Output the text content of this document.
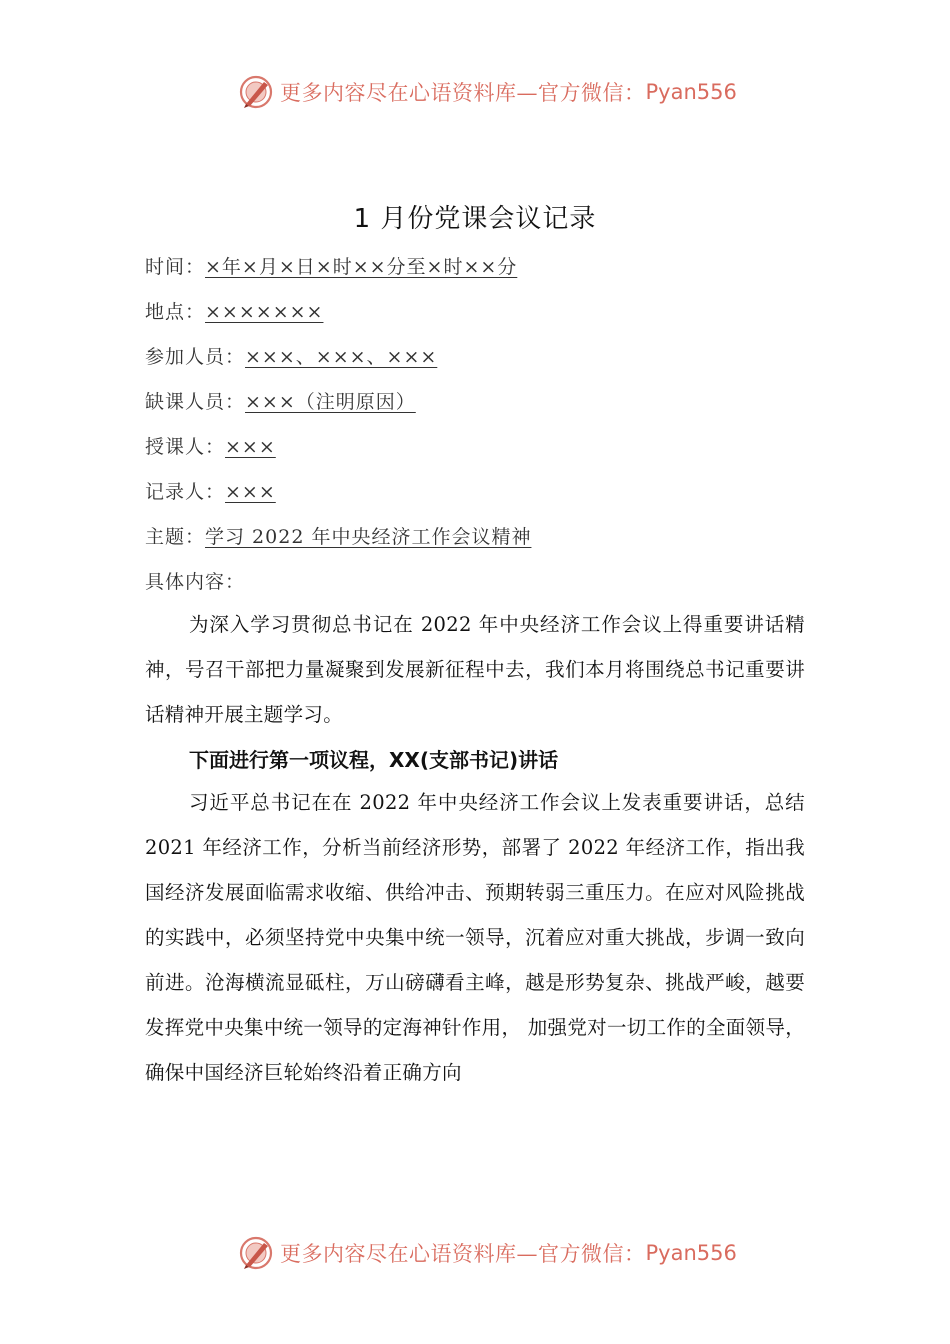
更多内容尽在心语资料库—官方微信： Pyan556
1 月份党课会议记录
时间：×年×月×日×时××分至×时××分
地点：×××××××
参加人员：×××、×××、×××
缺课人员：×××（注明原因）
授课人：×××
记录人：×××
主题：学习 2022 年中央经济工作会议精神
具体内容：
为深入学习贯彻总书记在 2022 年中央经济工作会议上得重要讲话精神，号召干部把力量凝聚到发展新征程中去，我们本月将围绕总书记重要讲话精神开展主题学习。
下面进行第一项议程，XX(支部书记)讲话
习近平总书记在在 2022 年中央经济工作会议上发表重要讲话，总结 2021 年经济工作，分析当前经济形势，部署了 2022 年经济工作，指出我国经济发展面临需求收缩、供给冲击、预期转弱三重压力。在应对风险挑战的实践中，必须坚持党中央集中统一领导，沉着应对重大挑战，步调一致向前进。沧海横流显砥柱，万山磅礴看主峰，越是形势复杂、挑战严峻，越要发挥党中央集中统一领导的定海神针作用， 加强党对一切工作的全面领导，确保中国经济巨轮始终沿着正确方向
更多内容尽在心语资料库—官方微信： Pyan556
